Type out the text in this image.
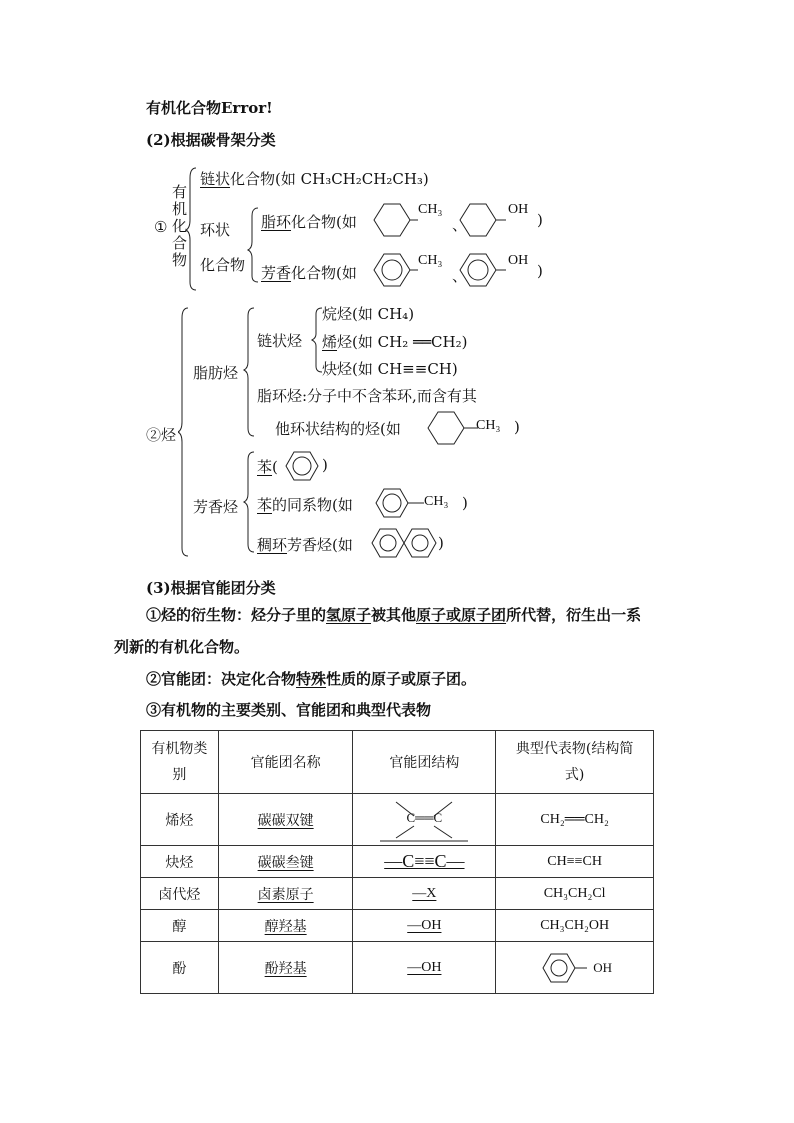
有机化合物Error!
(2)根据碳骨架分类
①
有机化合物
链状化合物(如 CH₃CH₂CH₂CH₃)
环状
化合物
脂环化合物(如
CH₃
、
OH
)
芳香化合物(如
CH₃
、
OH
)
②烃
脂肪烃
链状烃
烷烃(如 CH₄)
烯烃(如 CH₂ ══CH₂)
炔烃(如 CH≡≡CH)
脂环烃:分子中不含苯环,而含有其
他环状结构的烃(如	CH₃ )
芳香烃
苯(	)
苯的同系物(如	CH₃ )
稠环芳香烃(如	)
(3)根据官能团分类
①烃的衍生物：烃分子里的氢原子被其他原子或原子团所代替，衍生出一系
列新的有机化合物。
②官能团：决定化合物特殊性质的原子或原子团。
③有机物的主要类别、官能团和典型代表物
有机物类别	官能团名称	官能团结构	典型代表物(结构简式)
烯烃	碳碳双键	C══C	CH₂══CH₂
炔烃	碳碳叁键	—C≡≡C—	CH≡≡CH
卤代烃	卤素原子	—X	CH₃CH₂Cl
醇	醇羟基	—OH	CH₃CH₂OH
酚	酚羟基	—OH	OH
